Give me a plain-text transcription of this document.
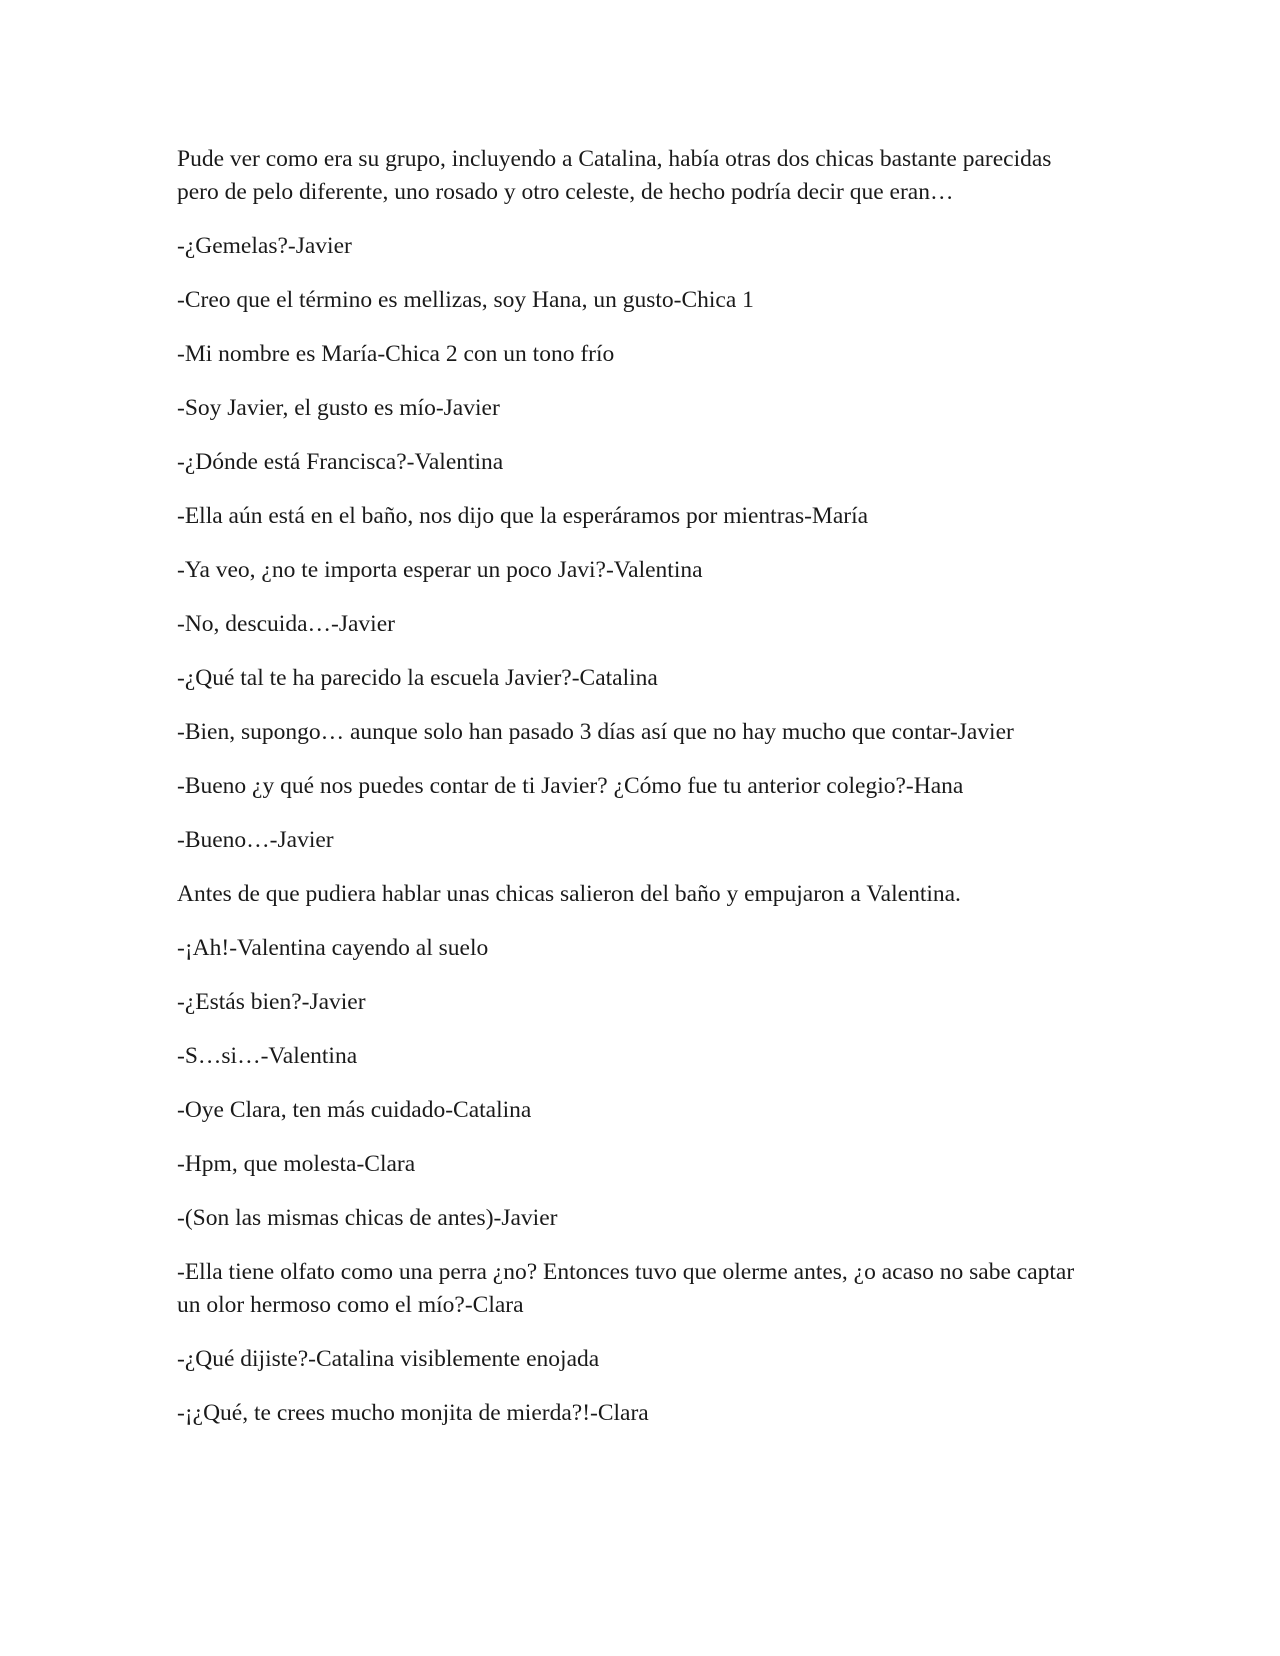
Pude ver como era su grupo, incluyendo a Catalina, había otras dos chicas bastante parecidas pero de pelo diferente, uno rosado y otro celeste, de hecho podría decir que eran…

-¿Gemelas?-Javier

-Creo que el término es mellizas, soy Hana, un gusto-Chica 1

-Mi nombre es María-Chica 2 con un tono frío

-Soy Javier, el gusto es mío-Javier

-¿Dónde está Francisca?-Valentina

-Ella aún está en el baño, nos dijo que la esperáramos por mientras-María

-Ya veo, ¿no te importa esperar un poco Javi?-Valentina

-No, descuida…-Javier

-¿Qué tal te ha parecido la escuela Javier?-Catalina

-Bien, supongo… aunque solo han pasado 3 días así que no hay mucho que contar-Javier

-Bueno ¿y qué nos puedes contar de ti Javier? ¿Cómo fue tu anterior colegio?-Hana

-Bueno…-Javier

Antes de que pudiera hablar unas chicas salieron del baño y empujaron a Valentina.

-¡Ah!-Valentina cayendo al suelo

-¿Estás bien?-Javier

-S…si…-Valentina

-Oye Clara, ten más cuidado-Catalina

-Hpm, que molesta-Clara

-(Son las mismas chicas de antes)-Javier

-Ella tiene olfato como una perra ¿no? Entonces tuvo que olerme antes, ¿o acaso no sabe captar un olor hermoso como el mío?-Clara

-¿Qué dijiste?-Catalina visiblemente enojada

-¡¿Qué, te crees mucho monjita de mierda?!-Clara
